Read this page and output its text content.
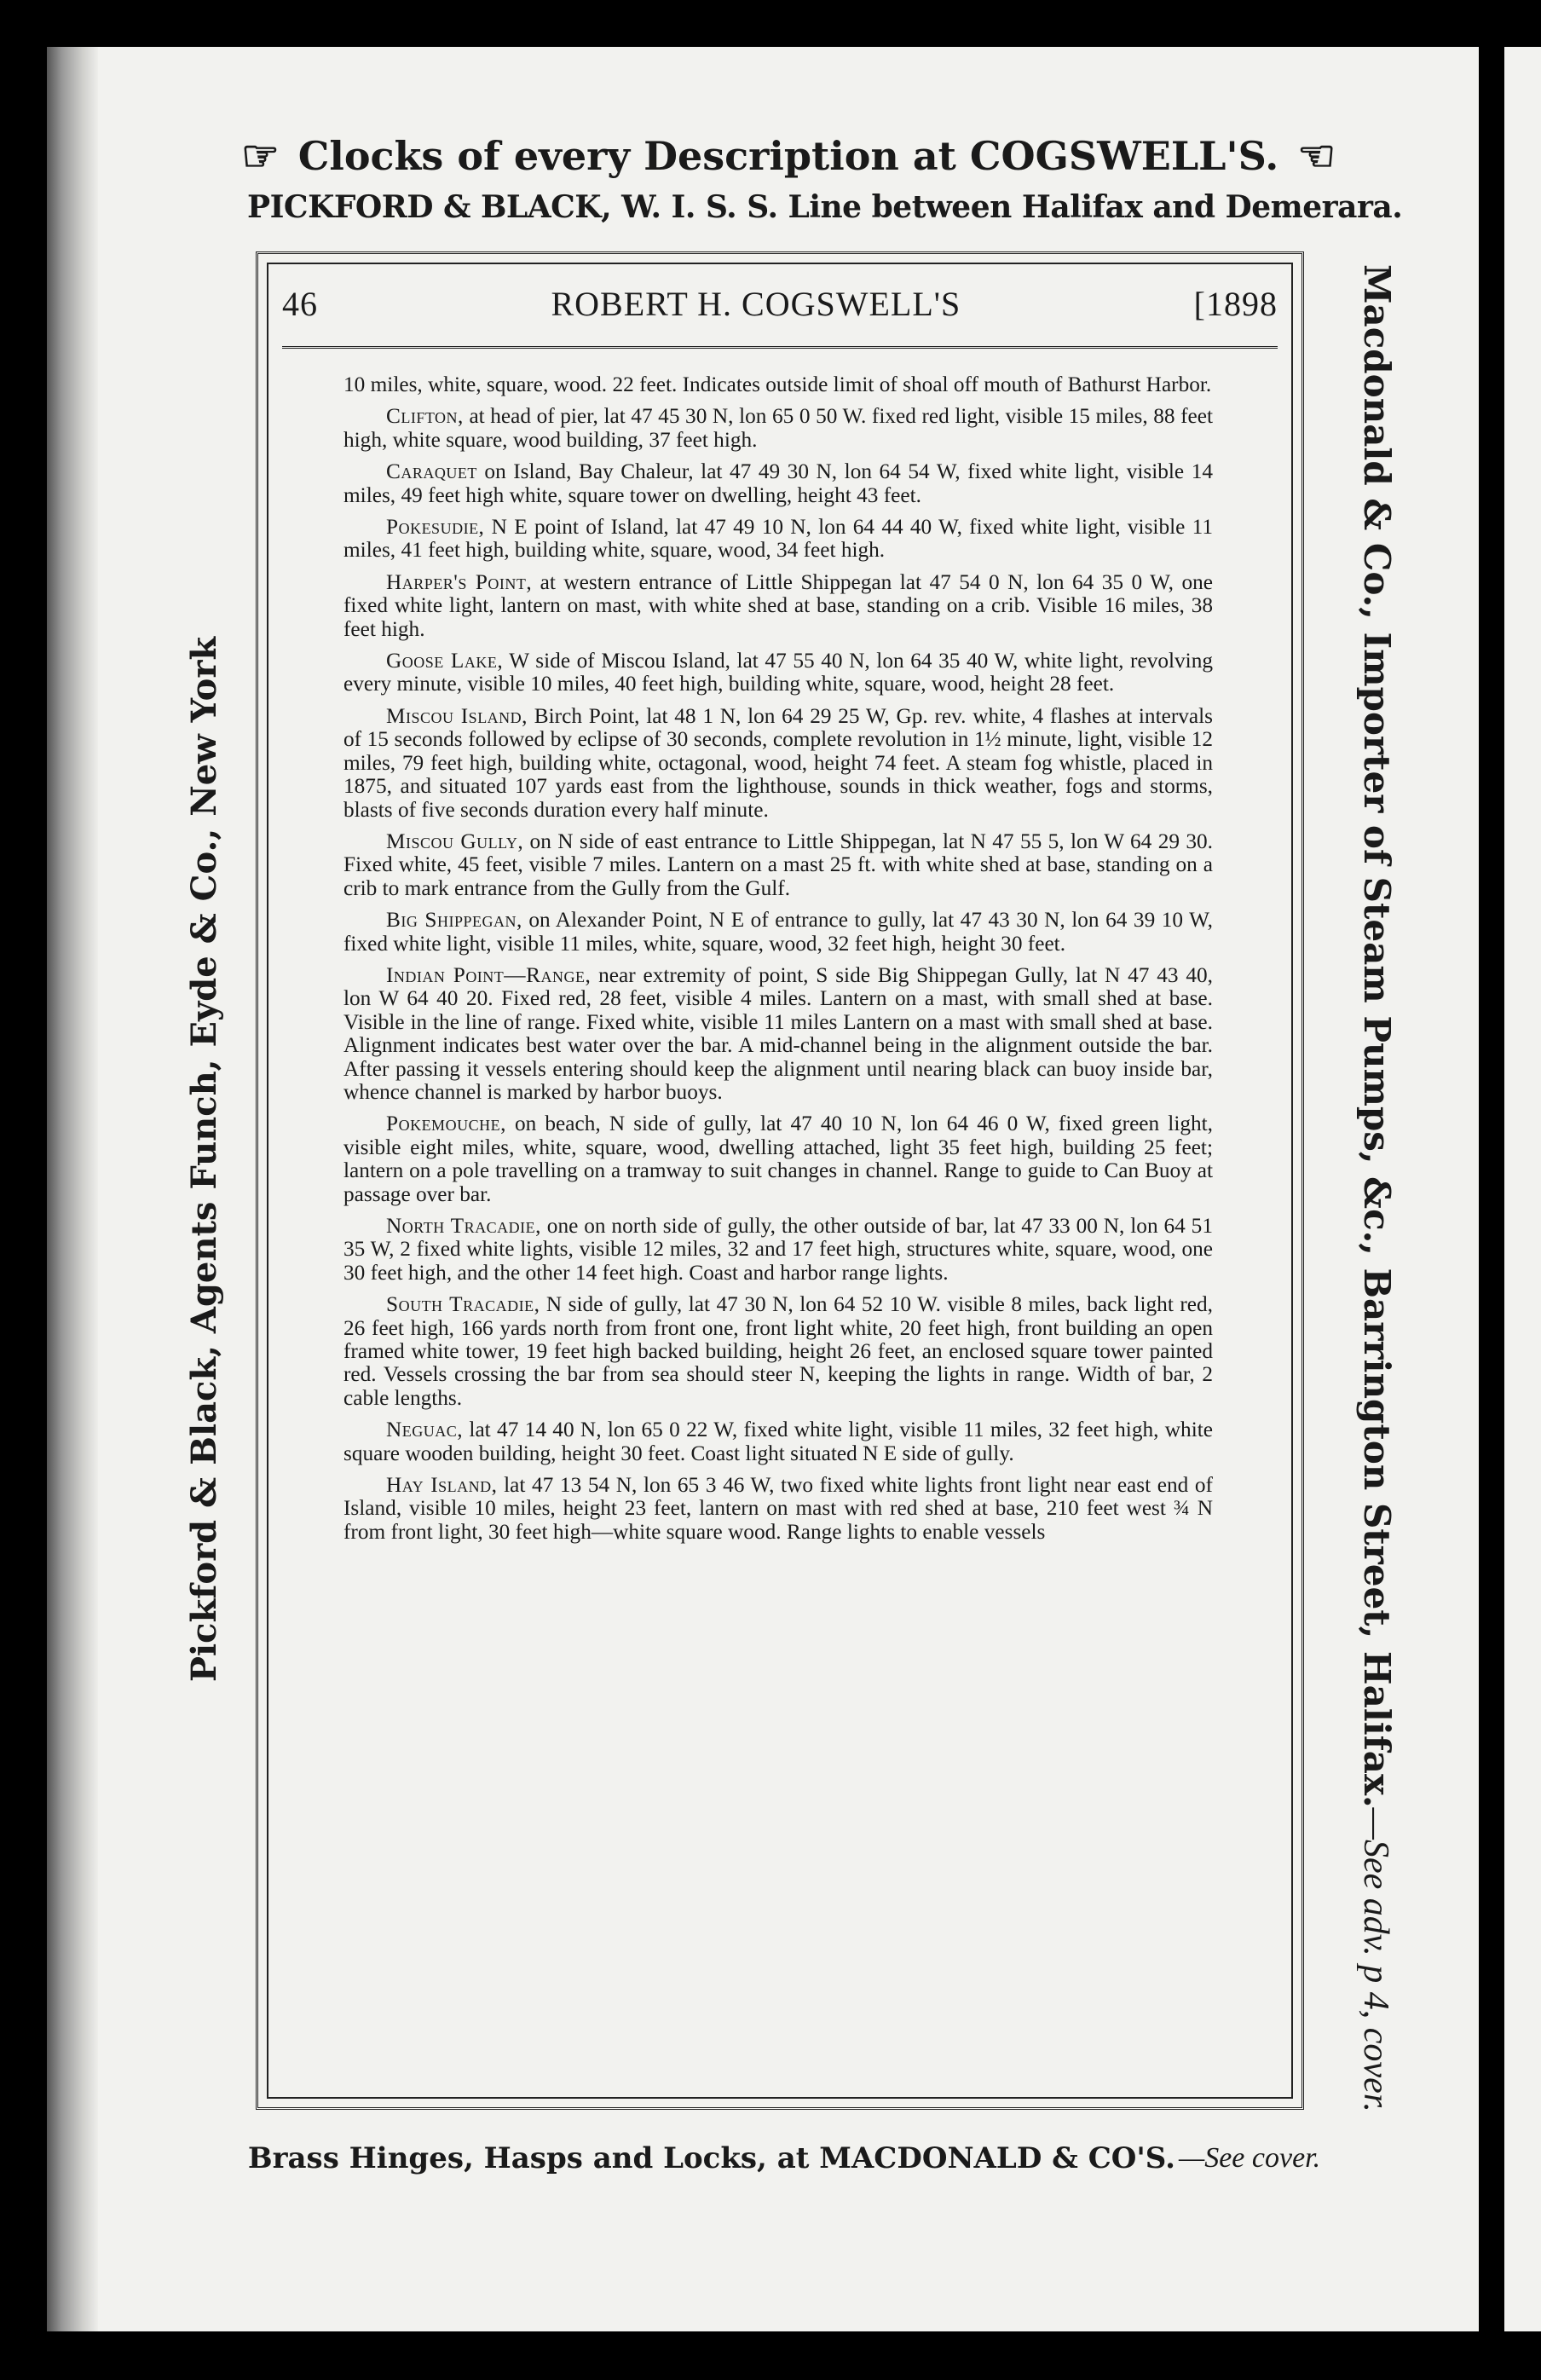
☞ Clocks of every Description at COGSWELL'S. ☜
PICKFORD & BLACK, W. I. S. S. Line between Halifax and Demerara.
Pickford & Black, Agents Funch, Eyde & Co., New York	Macdonald & Co., Importer of Steam Pumps, &c., Barrington Street, Halifax.—See adv. p 4, cover.
46	ROBERT H. COGSWELL'S	[1898

10 miles, white, square, wood. 22 feet. Indicates outside limit of shoal off mouth of Bathurst Harbor.

Clifton, at head of pier, lat 47 45 30 N, lon 65 0 50 W. fixed red light, visible 15 miles, 88 feet high, white square, wood building, 37 feet high.

Caraquet on Island, Bay Chaleur, lat 47 49 30 N, lon 64 54 W, fixed white light, visible 14 miles, 49 feet high white, square tower on dwelling, height 43 feet.

Pokesudie, N E point of Island, lat 47 49 10 N, lon 64 44 40 W, fixed white light, visible 11 miles, 41 feet high, building white, square, wood, 34 feet high.

Harper's Point, at western entrance of Little Shippegan lat 47 54 0 N, lon 64 35 0 W, one fixed white light, lantern on mast, with white shed at base, standing on a crib. Visible 16 miles, 38 feet high.

Goose Lake, W side of Miscou Island, lat 47 55 40 N, lon 64 35 40 W, white light, revolving every minute, visible 10 miles, 40 feet high, building white, square, wood, height 28 feet.

Miscou Island, Birch Point, lat 48 1 N, lon 64 29 25 W, Gp. rev. white, 4 flashes at intervals of 15 seconds followed by eclipse of 30 seconds, complete revolution in 1½ minute, light, visible 12 miles, 79 feet high, building white, octagonal, wood, height 74 feet. A steam fog whistle, placed in 1875, and situated 107 yards east from the lighthouse, sounds in thick weather, fogs and storms, blasts of five seconds duration every half minute.

Miscou Gully, on N side of east entrance to Little Shippegan, lat N 47 55 5, lon W 64 29 30. Fixed white, 45 feet, visible 7 miles. Lantern on a mast 25 ft. with white shed at base, standing on a crib to mark entrance from the Gully from the Gulf.

Big Shippegan, on Alexander Point, N E of entrance to gully, lat 47 43 30 N, lon 64 39 10 W, fixed white light, visible 11 miles, white, square, wood, 32 feet high, height 30 feet.

Indian Point—Range, near extremity of point, S side Big Shippegan Gully, lat N 47 43 40, lon W 64 40 20. Fixed red, 28 feet, visible 4 miles. Lantern on a mast, with small shed at base. Visible in the line of range. Fixed white, visible 11 miles Lantern on a mast with small shed at base. Alignment indicates best water over the bar. A mid-channel being in the alignment outside the bar. After passing it vessels entering should keep the alignment until nearing black can buoy inside bar, whence channel is marked by harbor buoys.

Pokemouche, on beach, N side of gully, lat 47 40 10 N, lon 64 46 0 W, fixed green light, visible eight miles, white, square, wood, dwelling attached, light 35 feet high, building 25 feet; lantern on a pole travelling on a tramway to suit changes in channel. Range to guide to Can Buoy at passage over bar.

North Tracadie, one on north side of gully, the other outside of bar, lat 47 33 00 N, lon 64 51 35 W, 2 fixed white lights, visible 12 miles, 32 and 17 feet high, structures white, square, wood, one 30 feet high, and the other 14 feet high. Coast and harbor range lights.

South Tracadie, N side of gully, lat 47 30 N, lon 64 52 10 W. visible 8 miles, back light red, 26 feet high, 166 yards north from front one, front light white, 20 feet high, front building an open framed white tower, 19 feet high backed building, height 26 feet, an enclosed square tower painted red. Vessels crossing the bar from sea should steer N, keeping the lights in range. Width of bar, 2 cable lengths.

Neguac, lat 47 14 40 N, lon 65 0 22 W, fixed white light, visible 11 miles, 32 feet high, white square wooden building, height 30 feet. Coast light situated N E side of gully.

Hay Island, lat 47 13 54 N, lon 65 3 46 W, two fixed white lights front light near east end of Island, visible 10 miles, height 23 feet, lantern on mast with red shed at base, 210 feet west ¾ N from front light, 30 feet high—white square wood. Range lights to enable vessels

Brass Hinges, Hasps and Locks, at MACDONALD & CO'S. —See cover.
